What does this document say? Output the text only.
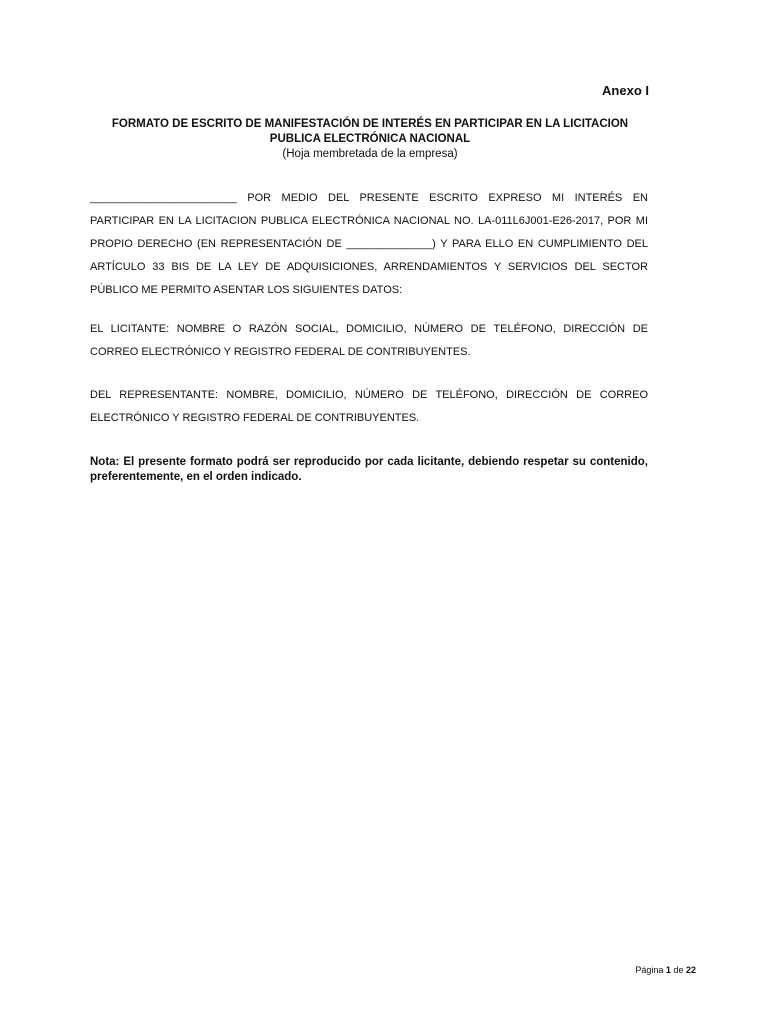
Anexo I
FORMATO DE ESCRITO DE MANIFESTACIÓN DE INTERÉS EN PARTICIPAR EN LA LICITACION
PUBLICA ELECTRÓNICA NACIONAL
(Hoja membretada de la empresa)
________________________ POR MEDIO DEL PRESENTE ESCRITO EXPRESO MI INTERÉS EN PARTICIPAR EN LA LICITACION PUBLICA ELECTRÓNICA NACIONAL NO. LA-011L6J001-E26-2017, POR MI PROPIO DERECHO (EN REPRESENTACIÓN DE ______________) Y PARA ELLO EN CUMPLIMIENTO DEL ARTÍCULO 33 BIS DE LA LEY DE ADQUISICIONES, ARRENDAMIENTOS Y SERVICIOS DEL SECTOR PÚBLICO ME PERMITO ASENTAR LOS SIGUIENTES DATOS:
EL LICITANTE: NOMBRE O RAZÓN SOCIAL, DOMICILIO, NÚMERO DE TELÉFONO, DIRECCIÓN DE CORREO ELECTRÓNICO Y REGISTRO FEDERAL DE CONTRIBUYENTES.
DEL REPRESENTANTE: NOMBRE, DOMICILIO, NÚMERO DE TELÉFONO, DIRECCIÓN DE CORREO ELECTRÓNICO Y REGISTRO FEDERAL DE CONTRIBUYENTES.
Nota: El presente formato podrá ser reproducido por cada licitante, debiendo respetar su contenido, preferentemente, en el orden indicado.
Página 1 de 22
